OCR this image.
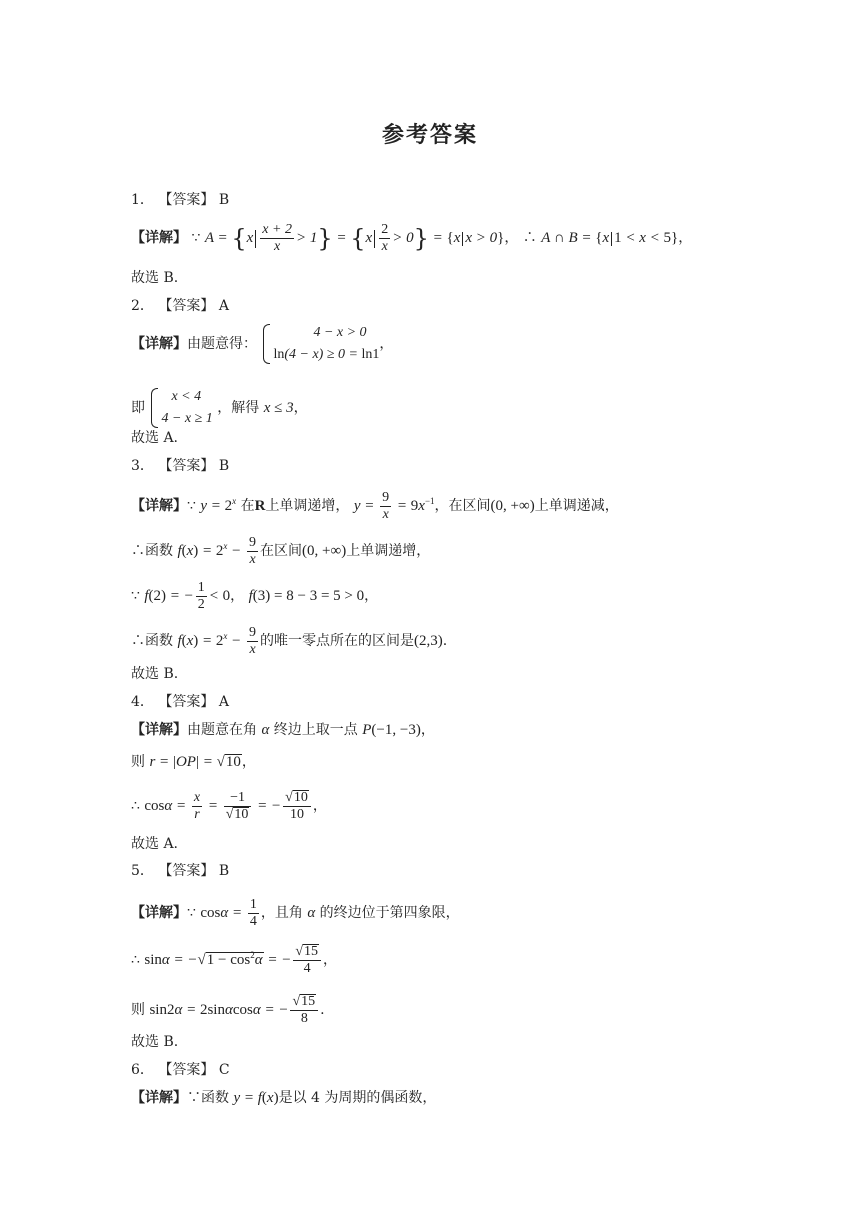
参考答案
1． 【答案】 B
【详解】 ∵ $A = \{x \frac{x + 2}{x} > 1\} = \{x \frac{2}{x} > 0\} = \{x$ x > 0}， ∴ A ∩ B = {x 1 < x < 5}，
故选 B.
2． 【答案】 A
【详解】由题意得：
4 − x > 0
ln(4 − x) ≥ 0 = ln1
，
即
x < 4
4 − x ≥ 1
，解得 x ≤ 3，
故选 A.
3． 【答案】 B
【详解】∵ $y = 2^x$ 在R上单调递增， $y = \frac{9}{x} = 9x^{-1}$，在区间(0, +∞)上单调递减，
∴函数 $f(x) = 2^x - \frac{9}{x}$ 在区间(0, +∞)上单调递增，
∵ f(2) = − $\frac{1}{2} < 0$， f(3) = 8 − 3 = 5 > 0，
∴函数 $f(x) = 2^x - \frac{9}{x}$ 的唯一零点所在的区间是(2,3).
故选 B.
4． 【答案】 A
【详解】由题意在角 α 终边上取一点 P(−1, −3)，
则 r = |OP| = √10，
∴ $\cos\alpha = \frac{x}{r} = \frac{-1}{√10}$ = − $\frac{√10}{10}$ ，
故选 A.
5． 【答案】 B
【详解】∵ $\cos\alpha = \frac{1}{4}$ ，且角 α 的终边位于第四象限，
∴ $\sin\alpha = -√1 - \cos^2\alpha$ = − $\frac{√15}{4}$ ，
则 sin2α = 2sinαcosα = − $\frac{√15}{8}$ .
故选 B.
6． 【答案】 C
【详解】∵函数 y = f(x)是以 4 为周期的偶函数，
